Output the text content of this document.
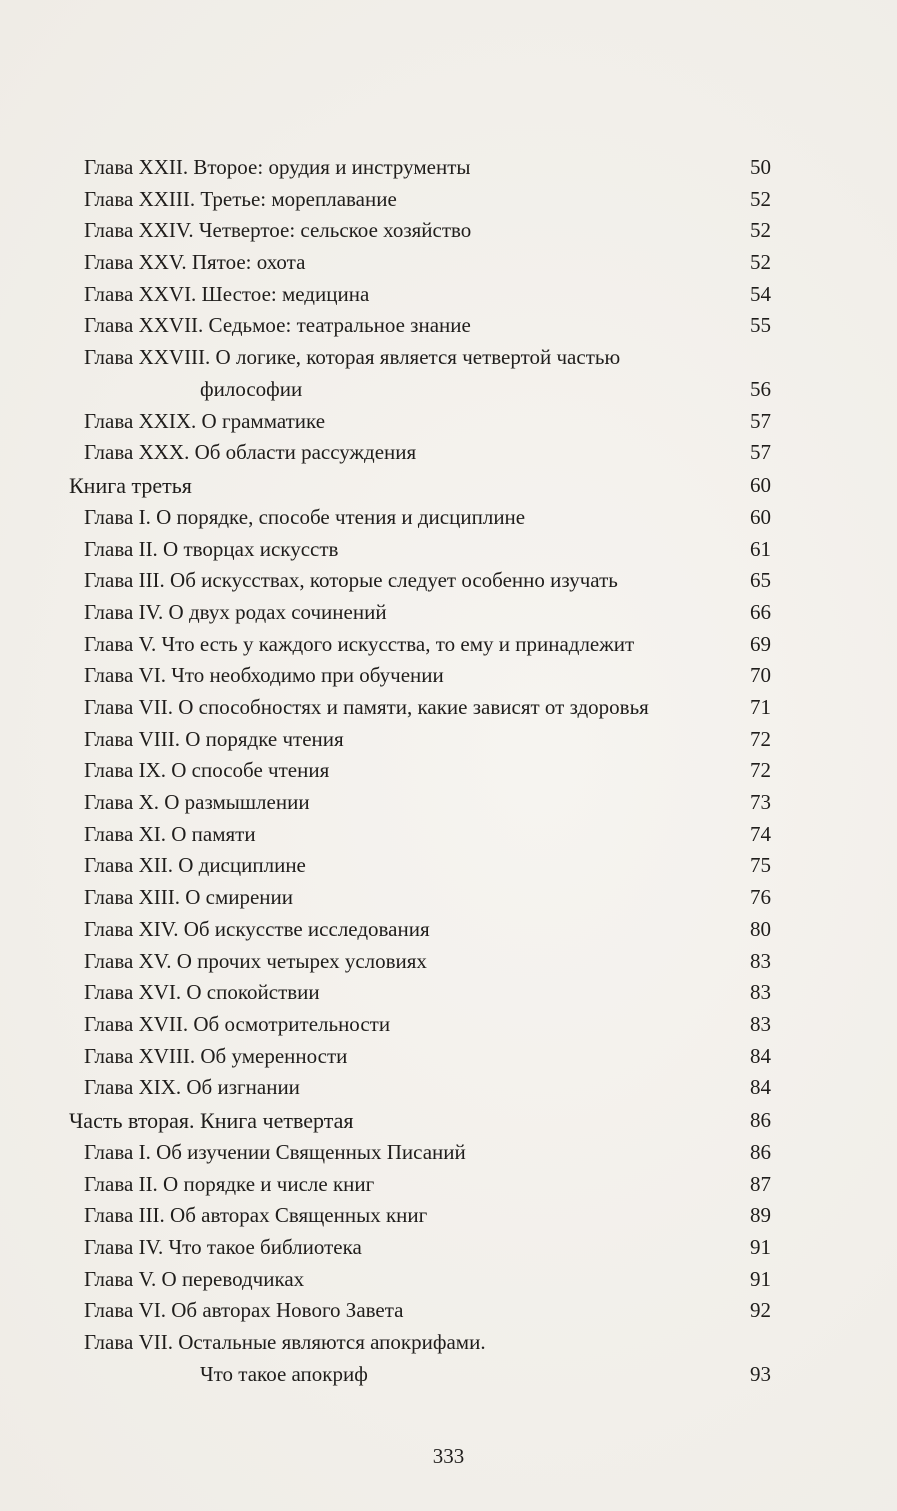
Глава XXII. Второе: орудия и инструменты	50
Глава XXIII. Третье: мореплавание	52
Глава XXIV. Четвертое: сельское хозяйство	52
Глава XXV. Пятое: охота	52
Глава XXVI. Шестое: медицина	54
Глава XXVII. Седьмое: театральное знание	55
Глава XXVIII. О логике, которая является четвертой частью
философии	56
Глава XXIX. О грамматике	57
Глава XXX. Об области рассуждения	57
Книга третья	60
Глава I. О порядке, способе чтения и дисциплине	60
Глава II. О творцах искусств	61
Глава III. Об искусствах, которые следует особенно изучать	65
Глава IV. О двух родах сочинений	66
Глава V. Что есть у каждого искусства, то ему и принадлежит	69
Глава VI. Что необходимо при обучении	70
Глава VII. О способностях и памяти, какие зависят от здоровья	71
Глава VIII. О порядке чтения	72
Глава IX. О способе чтения	72
Глава X. О размышлении	73
Глава XI. О памяти	74
Глава XII. О дисциплине	75
Глава XIII. О смирении	76
Глава XIV. Об искусстве исследования	80
Глава XV. О прочих четырех условиях	83
Глава XVI. О спокойствии	83
Глава XVII. Об осмотрительности	83
Глава XVIII. Об умеренности	84
Глава XIX. Об изгнании	84
Часть вторая. Книга четвертая	86
Глава I. Об изучении Священных Писаний	86
Глава II. О порядке и числе книг	87
Глава III. Об авторах Священных книг	89
Глава IV. Что такое библиотека	91
Глава V. О переводчиках	91
Глава VI. Об авторах Нового Завета	92
Глава VII. Остальные являются апокрифами.
Что такое апокриф	93
333
